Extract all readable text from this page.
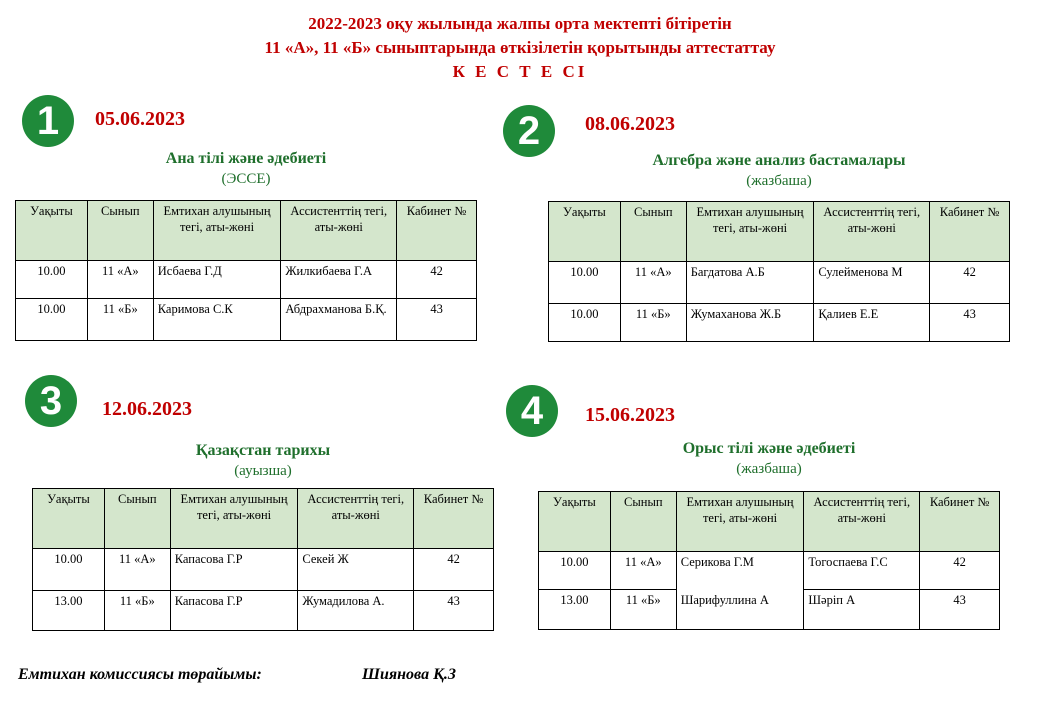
2022-2023 оқу жылында жалпы орта мектепті бітіретін
11 «А», 11 «Б» сыныптарында өткізілетін қорытынды аттестаттау
К Е С Т Е СІ
1	05.06.2023
Ана тілі және әдебиеті
(ЭССЕ)
Уақыты	Сынып	Емтихан алушының тегі, аты-жөні	Ассистенттің тегі, аты-жөні	Кабинет №
10.00	11 «А»	Исбаева Г.Д	Жилкибаева Г.А	42
10.00	11 «Б»	Каримова С.К	Абдрахманова Б.Қ.	43
2	08.06.2023
Алгебра және анализ бастамалары
(жазбаша)
Уақыты	Сынып	Емтихан алушының тегі, аты-жөні	Ассистенттің тегі, аты-жөні	Кабинет №
10.00	11 «А»	Багдатова А.Б	Сулейменова М	42
10.00	11 «Б»	Жумаханова Ж.Б	Қалиев Е.Е	43
3	12.06.2023
Қазақстан тарихы
(ауызша)
Уақыты	Сынып	Емтихан алушының тегі, аты-жөні	Ассистенттің тегі, аты-жөні	Кабинет №
10.00	11 «А»	Капасова Г.Р	Секей Ж	42
13.00	11 «Б»	Капасова Г.Р	Жумадилова А.	43
4	15.06.2023
Орыс тілі және әдебиеті
(жазбаша)
Уақыты	Сынып	Емтихан алушының тегі, аты-жөні	Ассистенттің тегі, аты-жөні	Кабинет №
10.00	11 «А»	Серикова Г.М	Тогоспаева Г.С	42
13.00	11 «Б»	Шарифуллина А	Шәріп А	43
Емтихан комиссиясы төрайымы:	Шиянова Қ.З
